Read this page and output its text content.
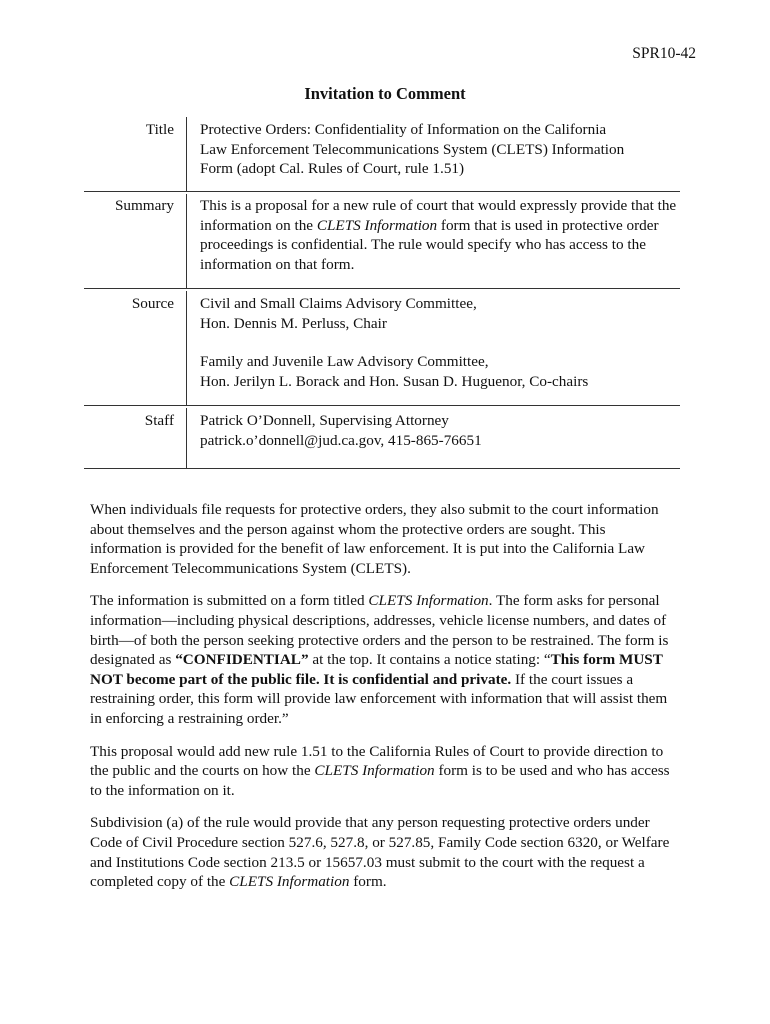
SPR10-42
Invitation to Comment
Title	Protective Orders: Confidentiality of Information on the California
Law Enforcement Telecommunications System (CLETS) Information
Form (adopt Cal. Rules of Court, rule 1.51)
Summary	This is a proposal for a new rule of court that would expressly provide that the information on the CLETS Information form that is used in protective order proceedings is confidential. The rule would specify who has access to the information on that form.
Source	Civil and Small Claims Advisory Committee,
Hon. Dennis M. Perluss, Chair
Family and Juvenile Law Advisory Committee,
Hon. Jerilyn L. Borack and Hon. Susan D. Huguenor, Co-chairs
Staff	Patrick O’Donnell, Supervising Attorney
patrick.o’donnell@jud.ca.gov, 415-865-76651

When individuals file requests for protective orders, they also submit to the court information about themselves and the person against whom the protective orders are sought. This information is provided for the benefit of law enforcement. It is put into the California Law Enforcement Telecommunications System (CLETS).

The information is submitted on a form titled CLETS Information. The form asks for personal information—including physical descriptions, addresses, vehicle license numbers, and dates of birth—of both the person seeking protective orders and the person to be restrained. The form is designated as “CONFIDENTIAL” at the top. It contains a notice stating: “This form MUST NOT become part of the public file. It is confidential and private. If the court issues a restraining order, this form will provide law enforcement with information that will assist them in enforcing a restraining order.”

This proposal would add new rule 1.51 to the California Rules of Court to provide direction to the public and the courts on how the CLETS Information form is to be used and who has access to the information on it.

Subdivision (a) of the rule would provide that any person requesting protective orders under Code of Civil Procedure section 527.6, 527.8, or 527.85, Family Code section 6320, or Welfare and Institutions Code section 213.5 or 15657.03 must submit to the court with the request a completed copy of the CLETS Information form.
